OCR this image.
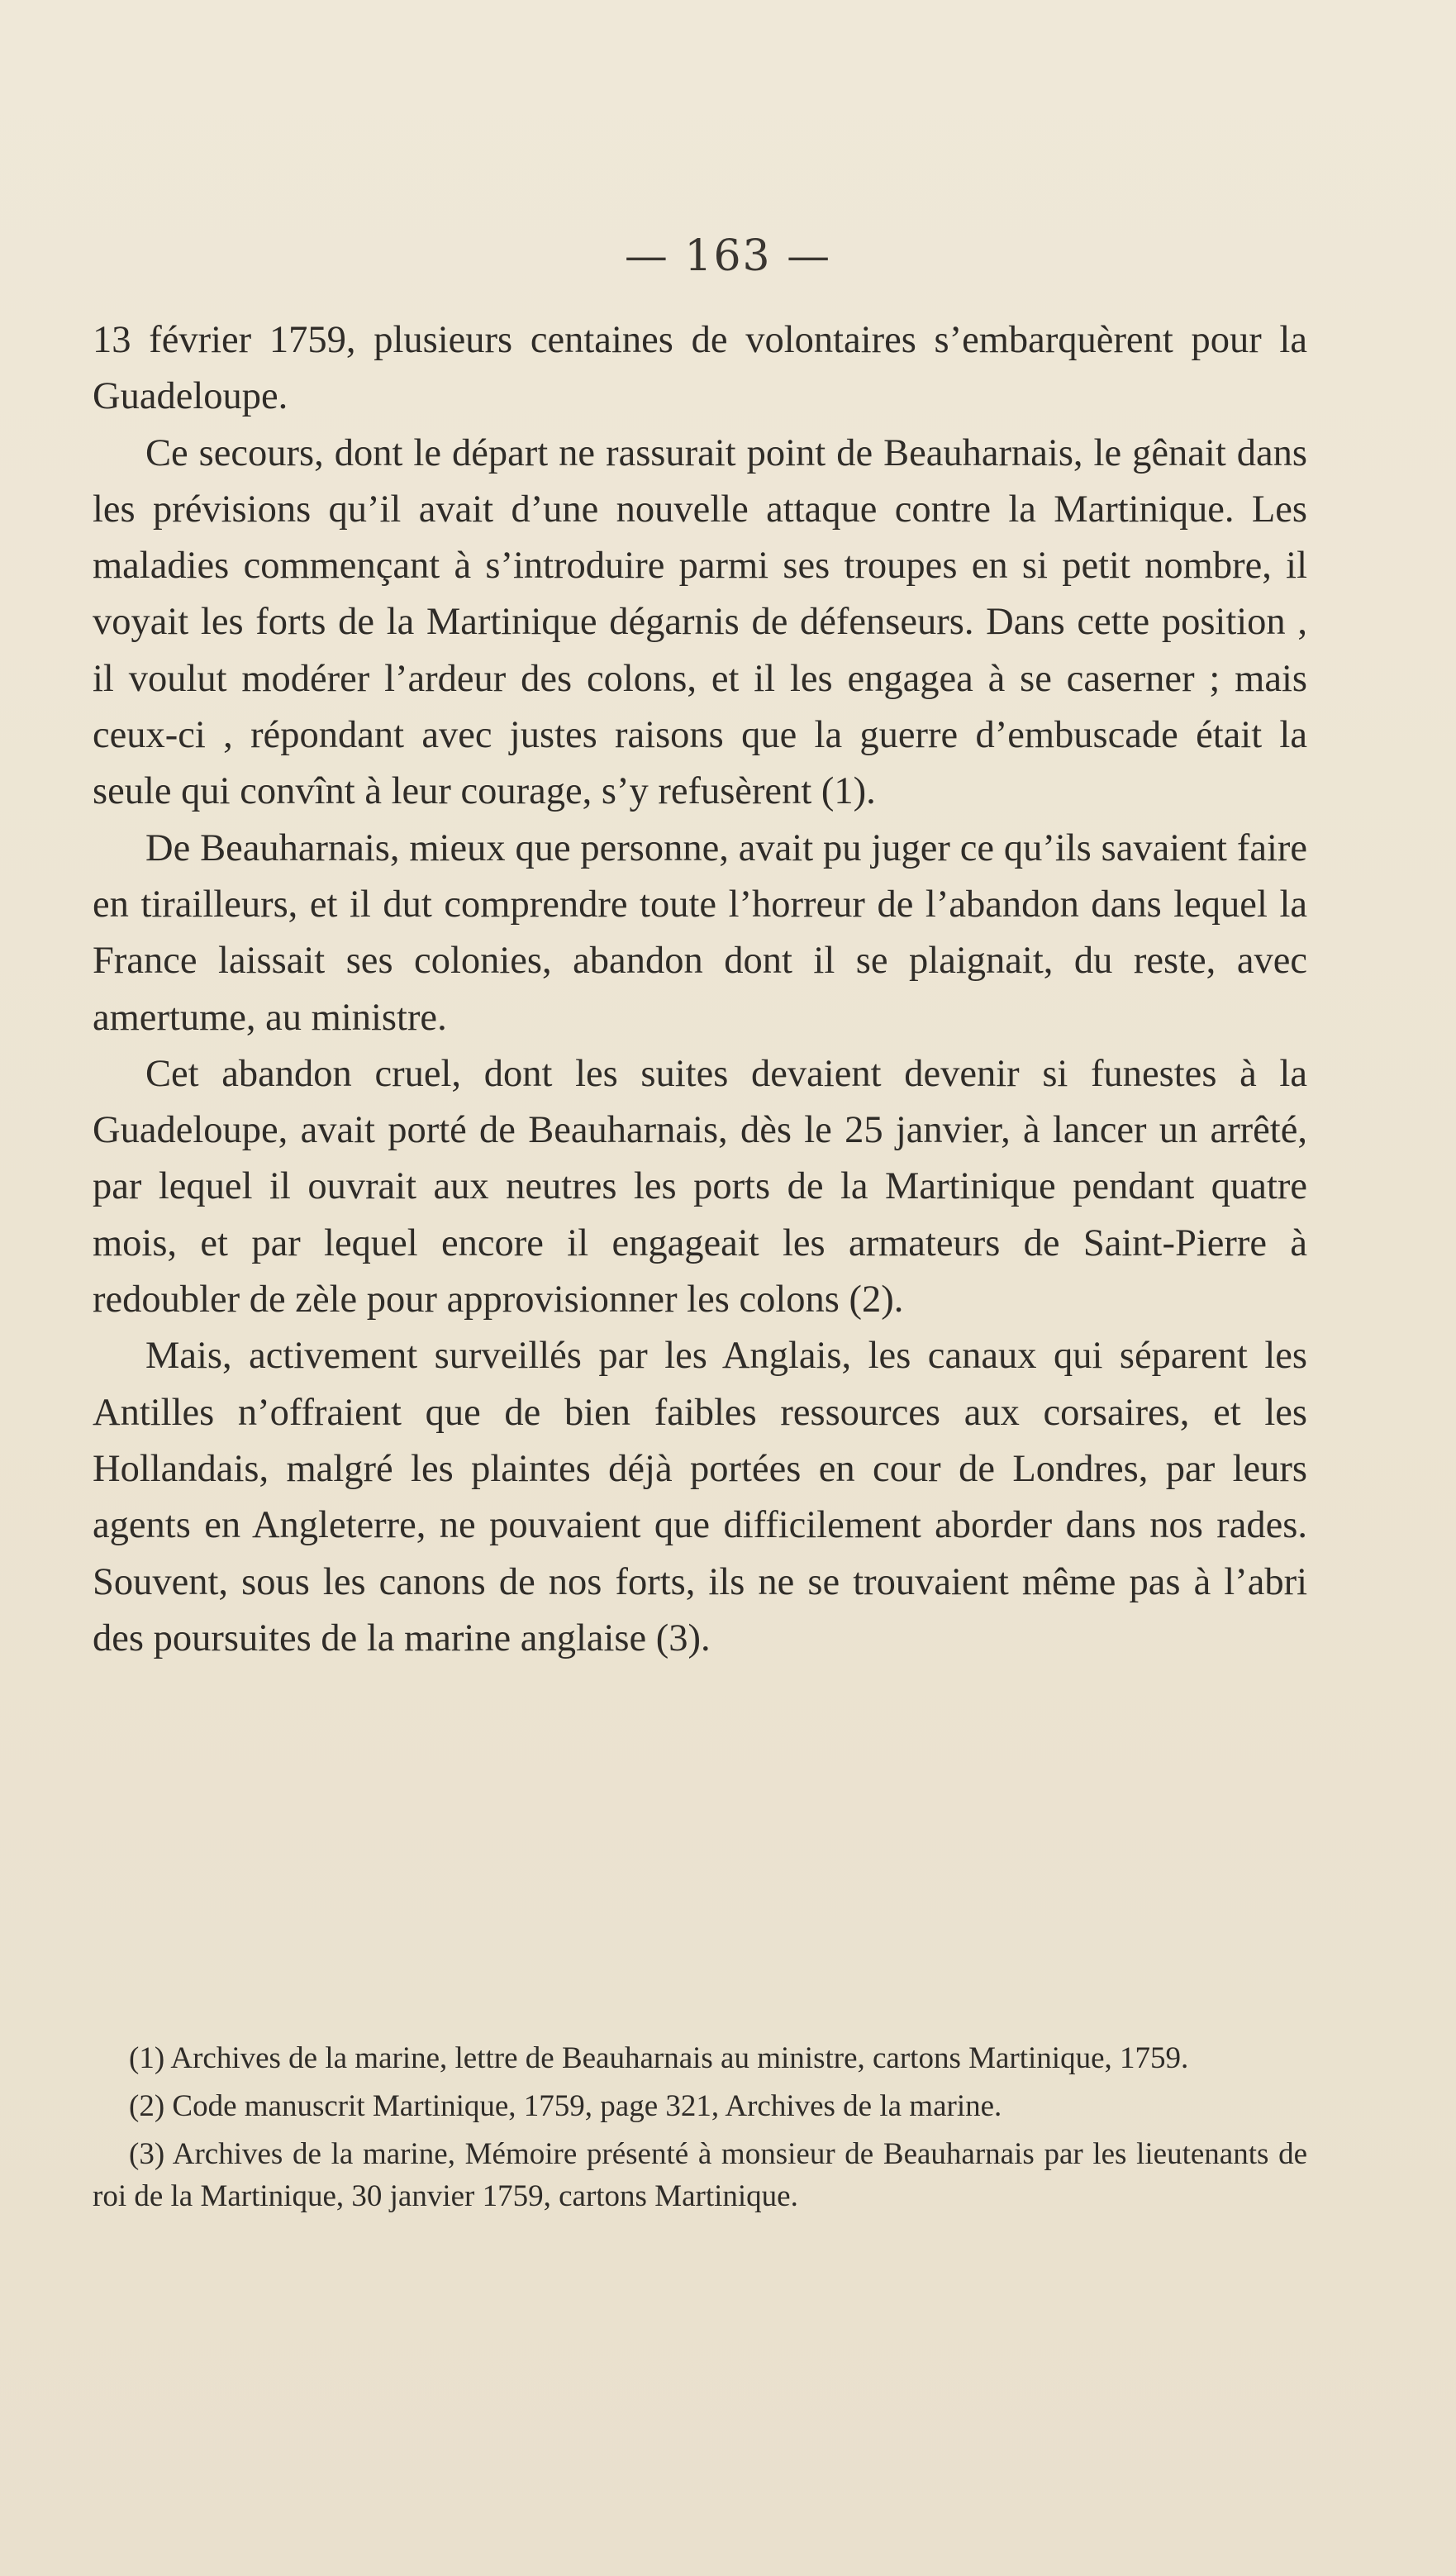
— 163 —

13 février 1759, plusieurs centaines de volontaires s’embarquèrent pour la Guadeloupe.

Ce secours, dont le départ ne rassurait point de Beauharnais, le gênait dans les prévisions qu’il avait d’une nouvelle attaque contre la Martinique. Les maladies commençant à s’introduire parmi ses troupes en si petit nombre, il voyait les forts de la Martinique dégarnis de défenseurs. Dans cette position , il voulut modérer l’ardeur des colons, et il les engagea à se caserner ; mais ceux-ci , répondant avec justes raisons que la guerre d’embuscade était la seule qui convînt à leur courage, s’y refusèrent (1).

De Beauharnais, mieux que personne, avait pu juger ce qu’ils savaient faire en tirailleurs, et il dut comprendre toute l’horreur de l’abandon dans lequel la France laissait ses colonies, abandon dont il se plaignait, du reste, avec amertume, au ministre.

Cet abandon cruel, dont les suites devaient devenir si funestes à la Guadeloupe, avait porté de Beauharnais, dès le 25 janvier, à lancer un arrêté, par lequel il ouvrait aux neutres les ports de la Martinique pendant quatre mois, et par lequel encore il engageait les armateurs de Saint-Pierre à redoubler de zèle pour approvisionner les colons (2).

Mais, activement surveillés par les Anglais, les canaux qui séparent les Antilles n’offraient que de bien faibles ressources aux corsaires, et les Hollandais, malgré les plaintes déjà portées en cour de Londres, par leurs agents en Angleterre, ne pouvaient que difficilement aborder dans nos rades. Souvent, sous les canons de nos forts, ils ne se trouvaient même pas à l’abri des poursuites de la marine anglaise (3).

(1) Archives de la marine, lettre de Beauharnais au ministre, cartons Martinique, 1759.

(2) Code manuscrit Martinique, 1759, page 321, Archives de la marine.

(3) Archives de la marine, Mémoire présenté à monsieur de Beauharnais par les lieutenants de roi de la Martinique, 30 janvier 1759, cartons Martinique.
